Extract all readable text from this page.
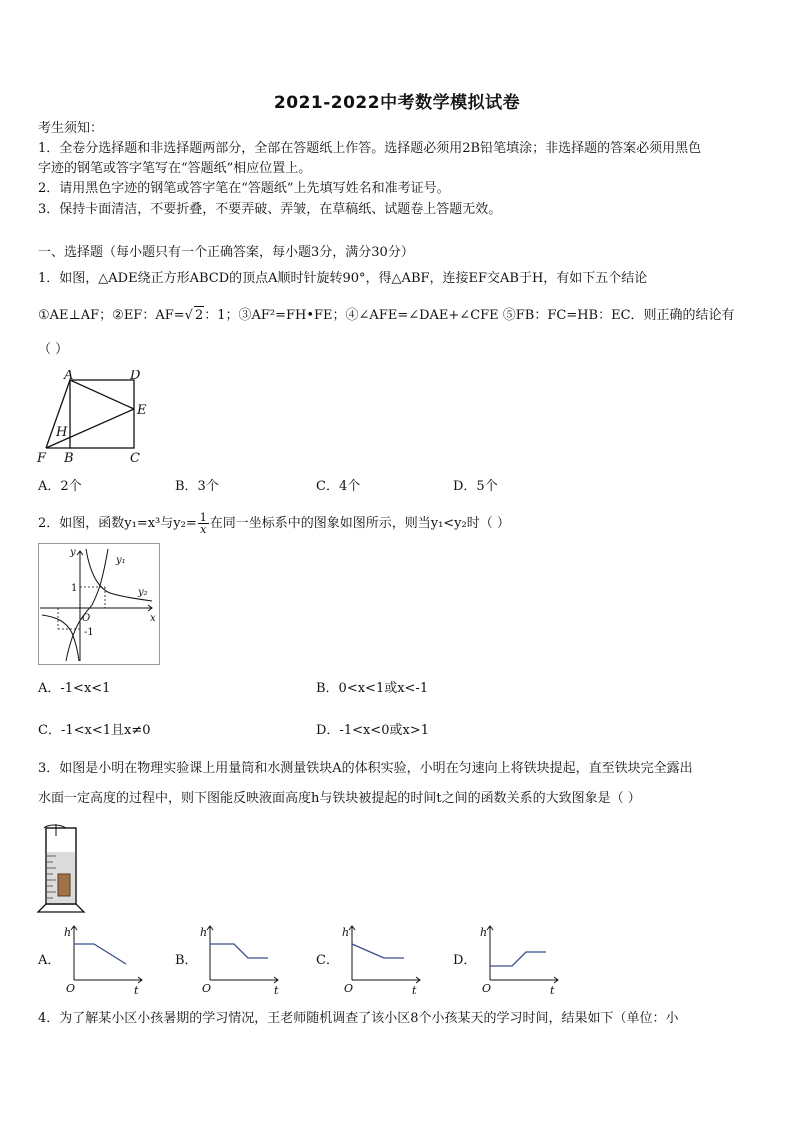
2021-2022中考数学模拟试卷
考生须知：
1．全卷分选择题和非选择题两部分，全部在答题纸上作答。选择题必须用2B铅笔填涂；非选择题的答案必须用黑色
字迹的钢笔或答字笔写在“答题纸”相应位置上。
2．请用黑色字迹的钢笔或答字笔在“答题纸”上先填写姓名和准考证号。
3．保持卡面清洁，不要折叠，不要弄破、弄皱，在草稿纸、试题卷上答题无效。
一、选择题（每小题只有一个正确答案，每小题3分，满分30分）
1．如图，△ADE绕正方形ABCD的顶点A顺时针旋转90°，得△ABF，连接EF交AB于H，有如下五个结论
①AE⊥AF；②EF：AF=√ 2：1；③AF²=FH•FE；④∠AFE=∠DAE+∠CFE ⑤FB：FC=HB：EC．则正确的结论有
（ ）
A	D
E
H
F B	C
A．2个	B．3个	C．4个	D．5个
2．如图，函数y₁=x³与$y_2= \frac{1}{x}$ 在同一坐标系中的图象如图所示，则当y₁<y₂时（ ）
y
x
O
1
-1
y₁
y₂
A．-1<x<1	B．0<x<1或x<-1
C．-1<x<1且x≠0	D．-1<x<0或x>1
3．如图是小明在物理实验课上用量筒和水测量铁块A的体积实验，小明在匀速向上将铁块提起，直至铁块完全露出
水面一定高度的过程中，则下图能反映液面高度h与铁块被提起的时间t之间的函数关系的大致图象是（ ）
A．
h
t
O
B．
h
t
O
C．
h
t
O
D．
h
t
O
4．为了解某小区小孩暑期的学习情况，王老师随机调查了该小区8个小孩某天的学习时间，结果如下（单位：小
